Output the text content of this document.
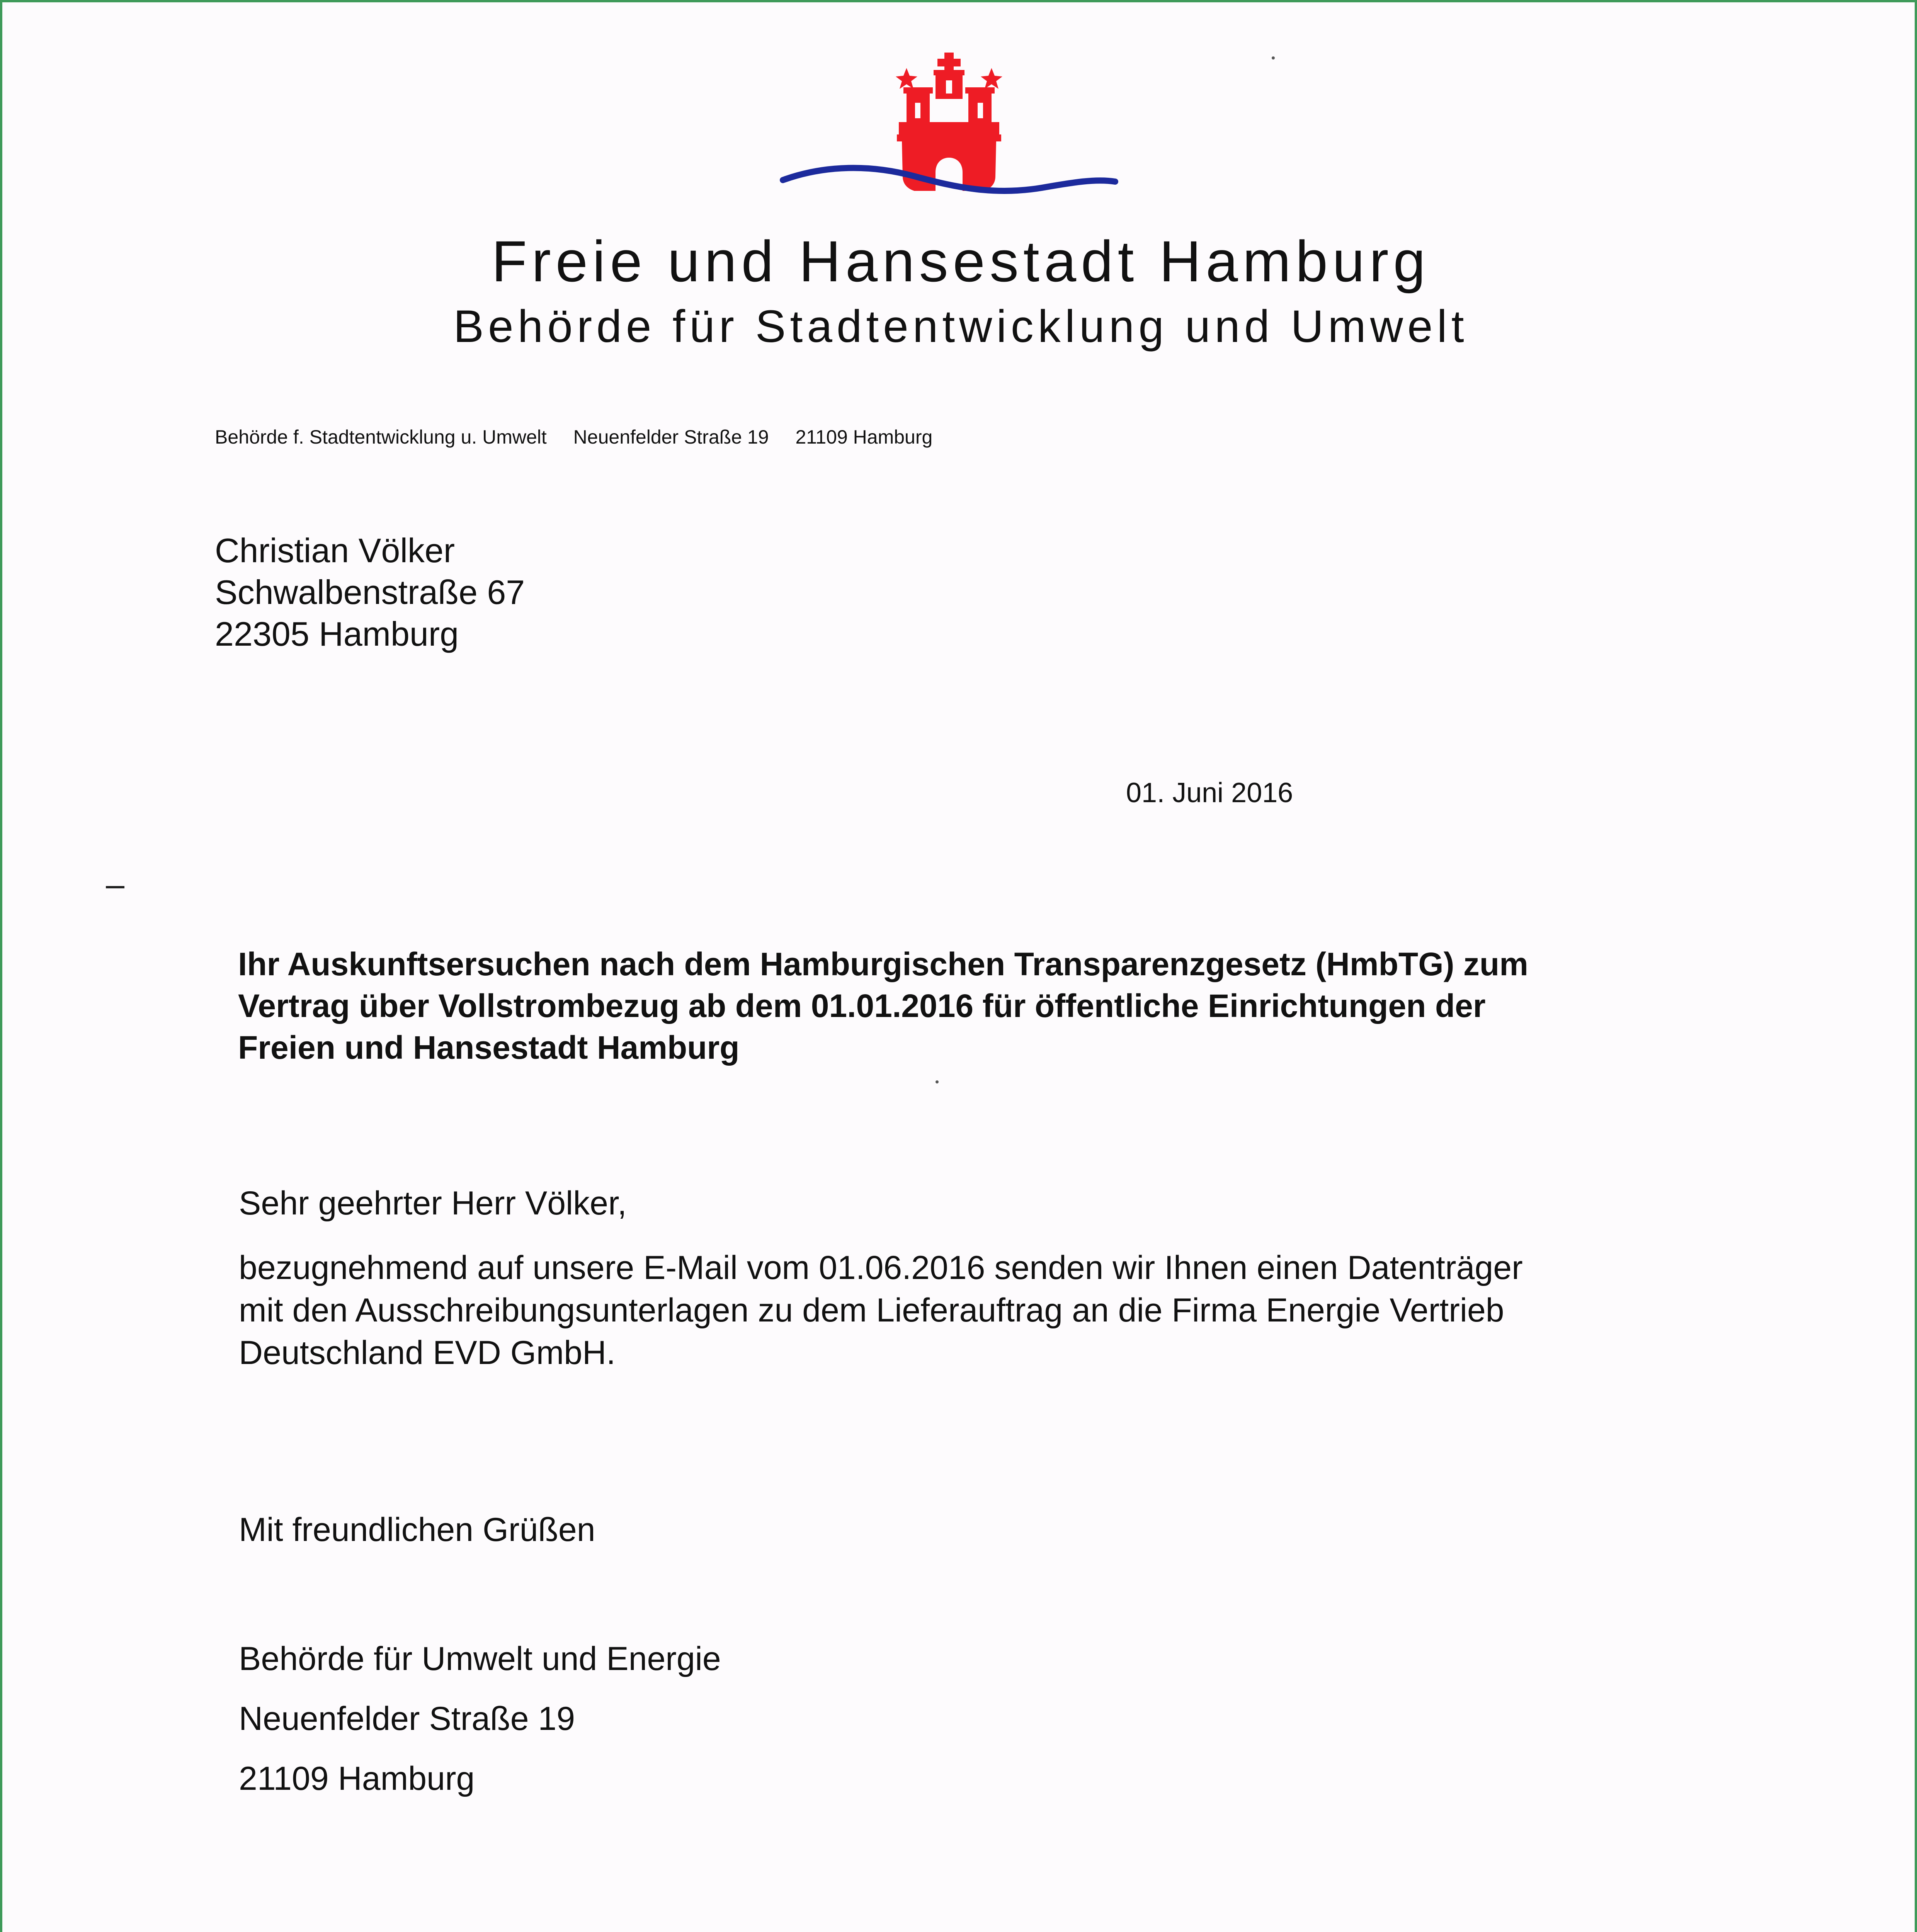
Freie und Hansestadt Hamburg
Behörde für Stadtentwicklung und Umwelt
Behörde f. Stadtentwicklung u. Umwelt Neuenfelder Straße 19 21109 Hamburg
Christian Völker
Schwalbenstraße 67
22305 Hamburg
01. Juni 2016
Ihr Auskunftsersuchen nach dem Hamburgischen Transparenzgesetz (HmbTG) zum
Vertrag über Vollstrombezug ab dem 01.01.2016 für öffentliche Einrichtungen der
Freien und Hansestadt Hamburg
Sehr geehrter Herr Völker,
bezugnehmend auf unsere E-Mail vom 01.06.2016 senden wir Ihnen einen Datenträger
mit den Ausschreibungsunterlagen zu dem Lieferauftrag an die Firma Energie Vertrieb
Deutschland EVD GmbH.
Mit freundlichen Grüßen
Behörde für Umwelt und Energie
Neuenfelder Straße 19
21109 Hamburg
